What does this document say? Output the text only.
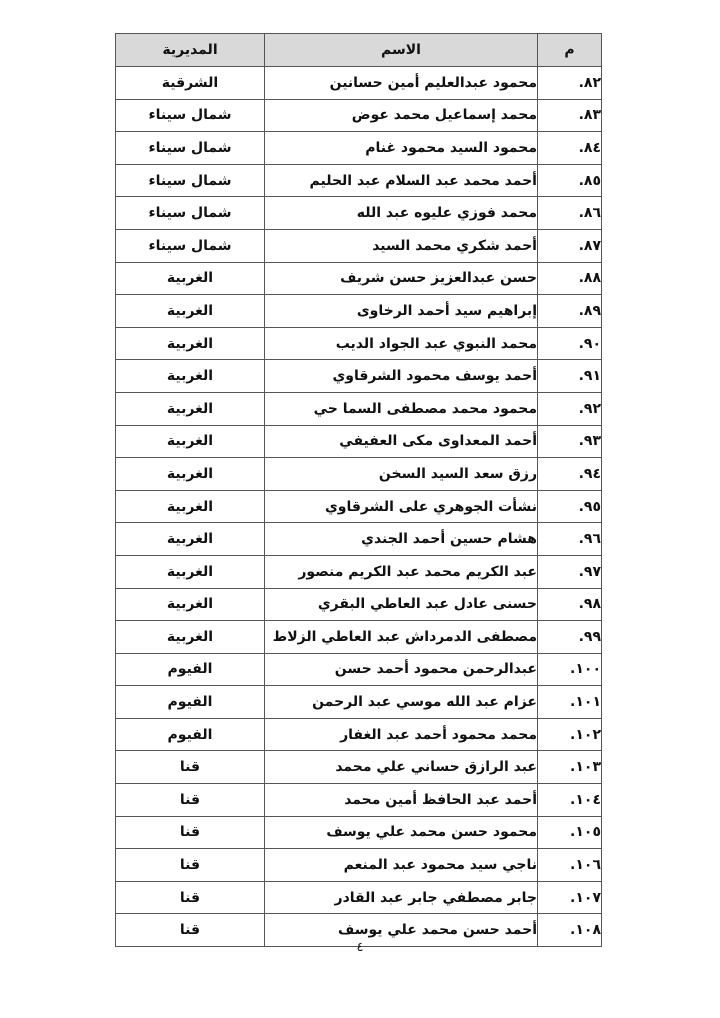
م	الاسم	المديرية
٨٢.	محمود عبدالعليم أمين حسانين	الشرقية
٨٣.	محمد إسماعيل محمد عوض	شمال سيناء
٨٤.	محمود السيد محمود غنام	شمال سيناء
٨٥.	أحمد محمد عبد السلام عبد الحليم	شمال سيناء
٨٦.	محمد فوزي عليوه عبد الله	شمال سيناء
٨٧.	أحمد شكري محمد السيد	شمال سيناء
٨٨.	حسن عبدالعزيز حسن شريف	الغربية
٨٩.	إبراهيم سيد أحمد الرخاوى	الغربية
٩٠.	محمد النبوي عبد الجواد الديب	الغربية
٩١.	أحمد يوسف محمود الشرقاوي	الغربية
٩٢.	محمود محمد مصطفى السما حي	الغربية
٩٣.	أحمد المعداوى مكى العفيفي	الغربية
٩٤.	رزق سعد السيد السخن	الغربية
٩٥.	نشأت الجوهري على الشرقاوي	الغربية
٩٦.	هشام حسين أحمد الجندي	الغربية
٩٧.	عبد الكريم محمد عبد الكريم منصور	الغربية
٩٨.	حسنى عادل عبد العاطي البقري	الغربية
٩٩.	مصطفى الدمرداش عبد العاطي الزلاط	الغربية
١٠٠.	عبدالرحمن محمود أحمد حسن	الفيوم
١٠١.	عزام عبد الله موسي عبد الرحمن	الفيوم
١٠٢.	محمد محمود أحمد عبد الغفار	الفيوم
١٠٣.	عبد الرازق حساني علي محمد	قنا
١٠٤.	أحمد عبد الحافظ أمين محمد	قنا
١٠٥.	محمود حسن محمد علي يوسف	قنا
١٠٦.	ناجي سيد محمود عبد المنعم	قنا
١٠٧.	جابر مصطفي جابر عبد القادر	قنا
١٠٨.	أحمد حسن محمد علي يوسف	قنا
٤
